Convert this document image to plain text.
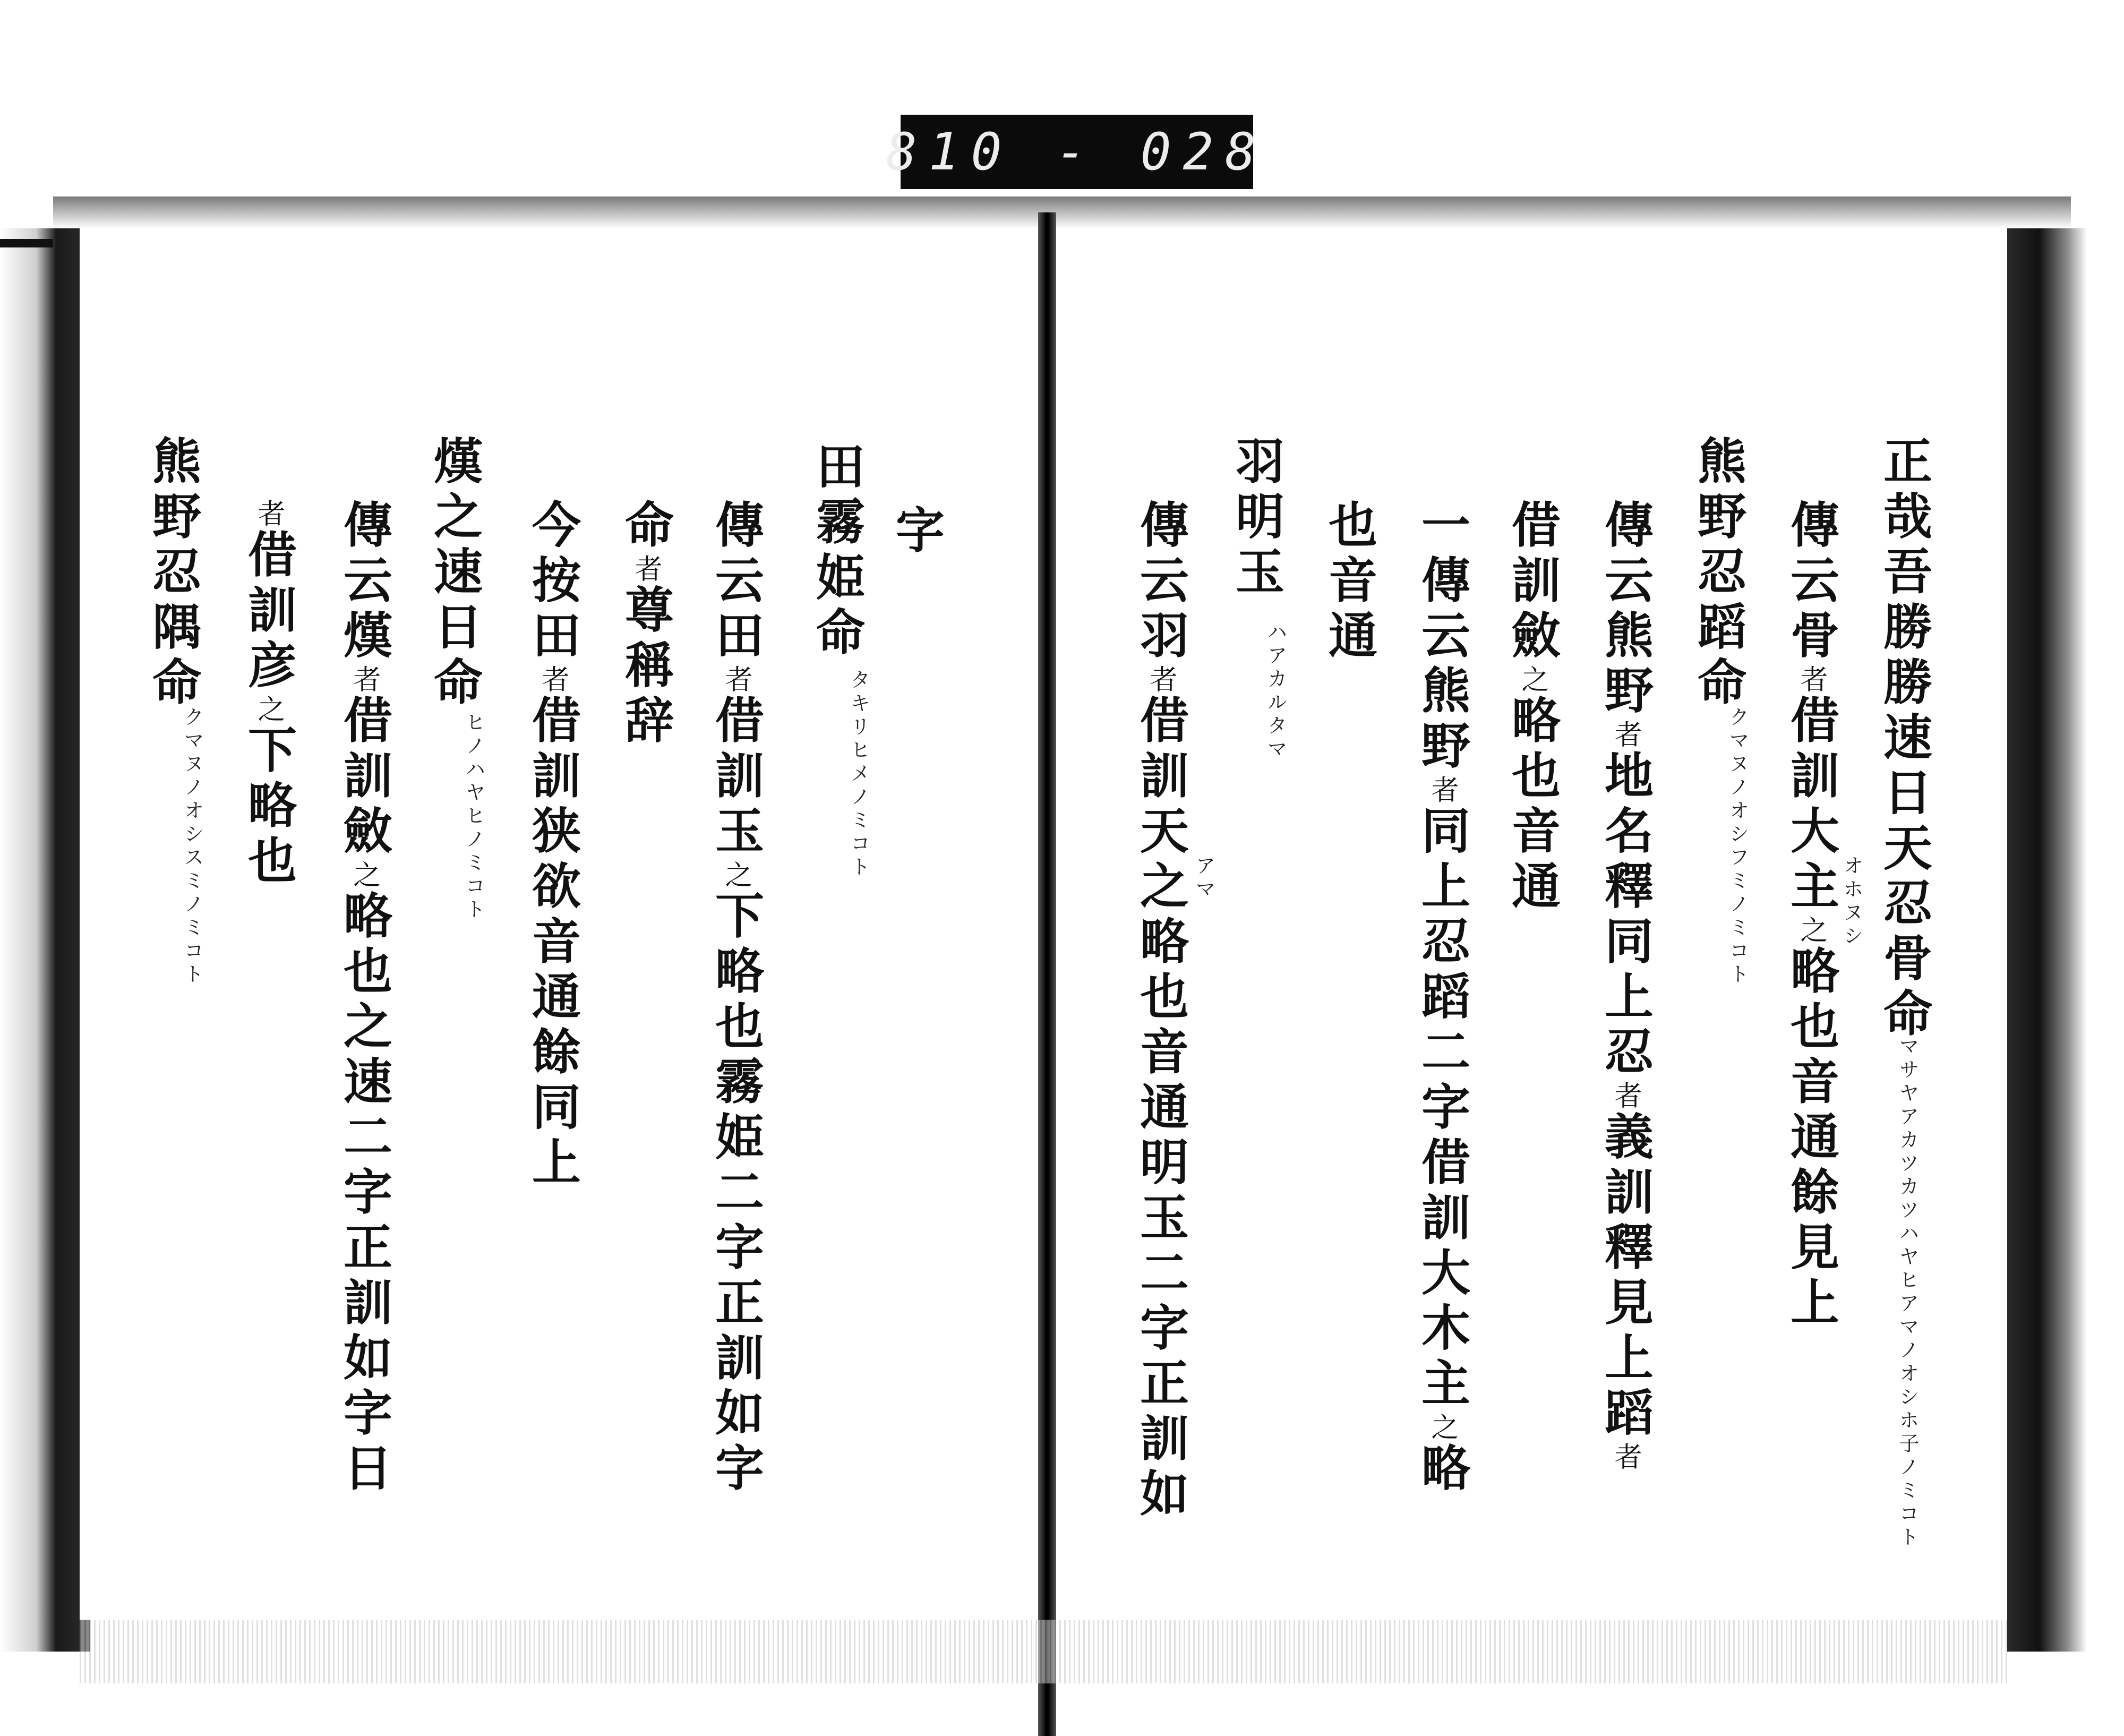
810 - 028
字
田霧姫命
タキリヒメノミコト
傳云田者借訓玉之下略也霧姫二字正訓如字
命者尊稱辞
今按田者借訓狭欲音通餘同上
熯之速日命
ヒノハヤヒノミコト
傳云熯者借訓斂之略也之速二字正訓如字日
者借訓彦之下略也
熊野忍隅命
クマヌノオシスミノミコト	正哉吾勝勝速日天忍骨命
マサヤアカツカツハヤヒアマノオシホ子ノミコト
傳云骨者借訓大主之略也音通餘見上
オホヌシ
熊野忍蹈命
クマヌノオシフミノミコト
傳云熊野者地名釋同上忍者義訓釋見上蹈者
借訓斂之略也音通
一傳云熊野者同上忍蹈二字借訓大木主之略
也音通
羽明玉
ハアカルタマ
傳云羽者借訓天之略也音通明玉二字正訓如 アマ
